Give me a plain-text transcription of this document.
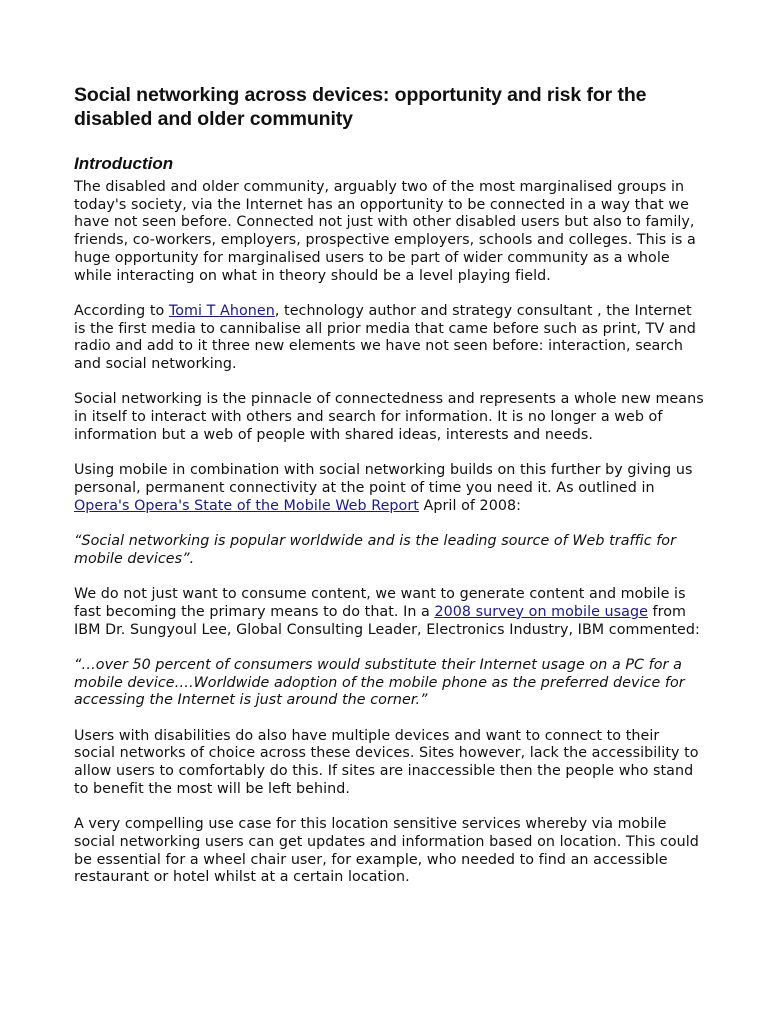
Social networking across devices: opportunity and risk for the disabled and older community
Introduction

The disabled and older community, arguably two of the most marginalised groups in today's society, via the Internet has an opportunity to be connected in a way that we have not seen before. Connected not just with other disabled users but also to family, friends, co-workers, employers, prospective employers, schools and colleges. This is a huge opportunity for marginalised users to be part of wider community as a whole while interacting on what in theory should be a level playing field.

According to Tomi T Ahonen, technology author and strategy consultant , the Internet is the first media to cannibalise all prior media that came before such as print, TV and radio and add to it three new elements we have not seen before: interaction, search and social networking.

Social networking is the pinnacle of connectedness and represents a whole new means in itself to interact with others and search for information. It is no longer a web of information but a web of people with shared ideas, interests and needs.

Using mobile in combination with social networking builds on this further by giving us personal, permanent connectivity at the point of time you need it. As outlined in Opera's Opera's State of the Mobile Web Report April of 2008:

“Social networking is popular worldwide and is the leading source of Web traffic for mobile devices”.

We do not just want to consume content, we want to generate content and mobile is fast becoming the primary means to do that. In a 2008 survey on mobile usage from IBM Dr. Sungyoul Lee, Global Consulting Leader, Electronics Industry, IBM commented:

“…over 50 percent of consumers would substitute their Internet usage on a PC for a mobile device….Worldwide adoption of the mobile phone as the preferred device for accessing the Internet is just around the corner.”

Users with disabilities do also have multiple devices and want to connect to their social networks of choice across these devices. Sites however, lack the accessibility to allow users to comfortably do this. If sites are inaccessible then the people who stand to benefit the most will be left behind.

A very compelling use case for this location sensitive services whereby via mobile social networking users can get updates and information based on location. This could be essential for a wheel chair user, for example, who needed to find an accessible restaurant or hotel whilst at a certain location.
